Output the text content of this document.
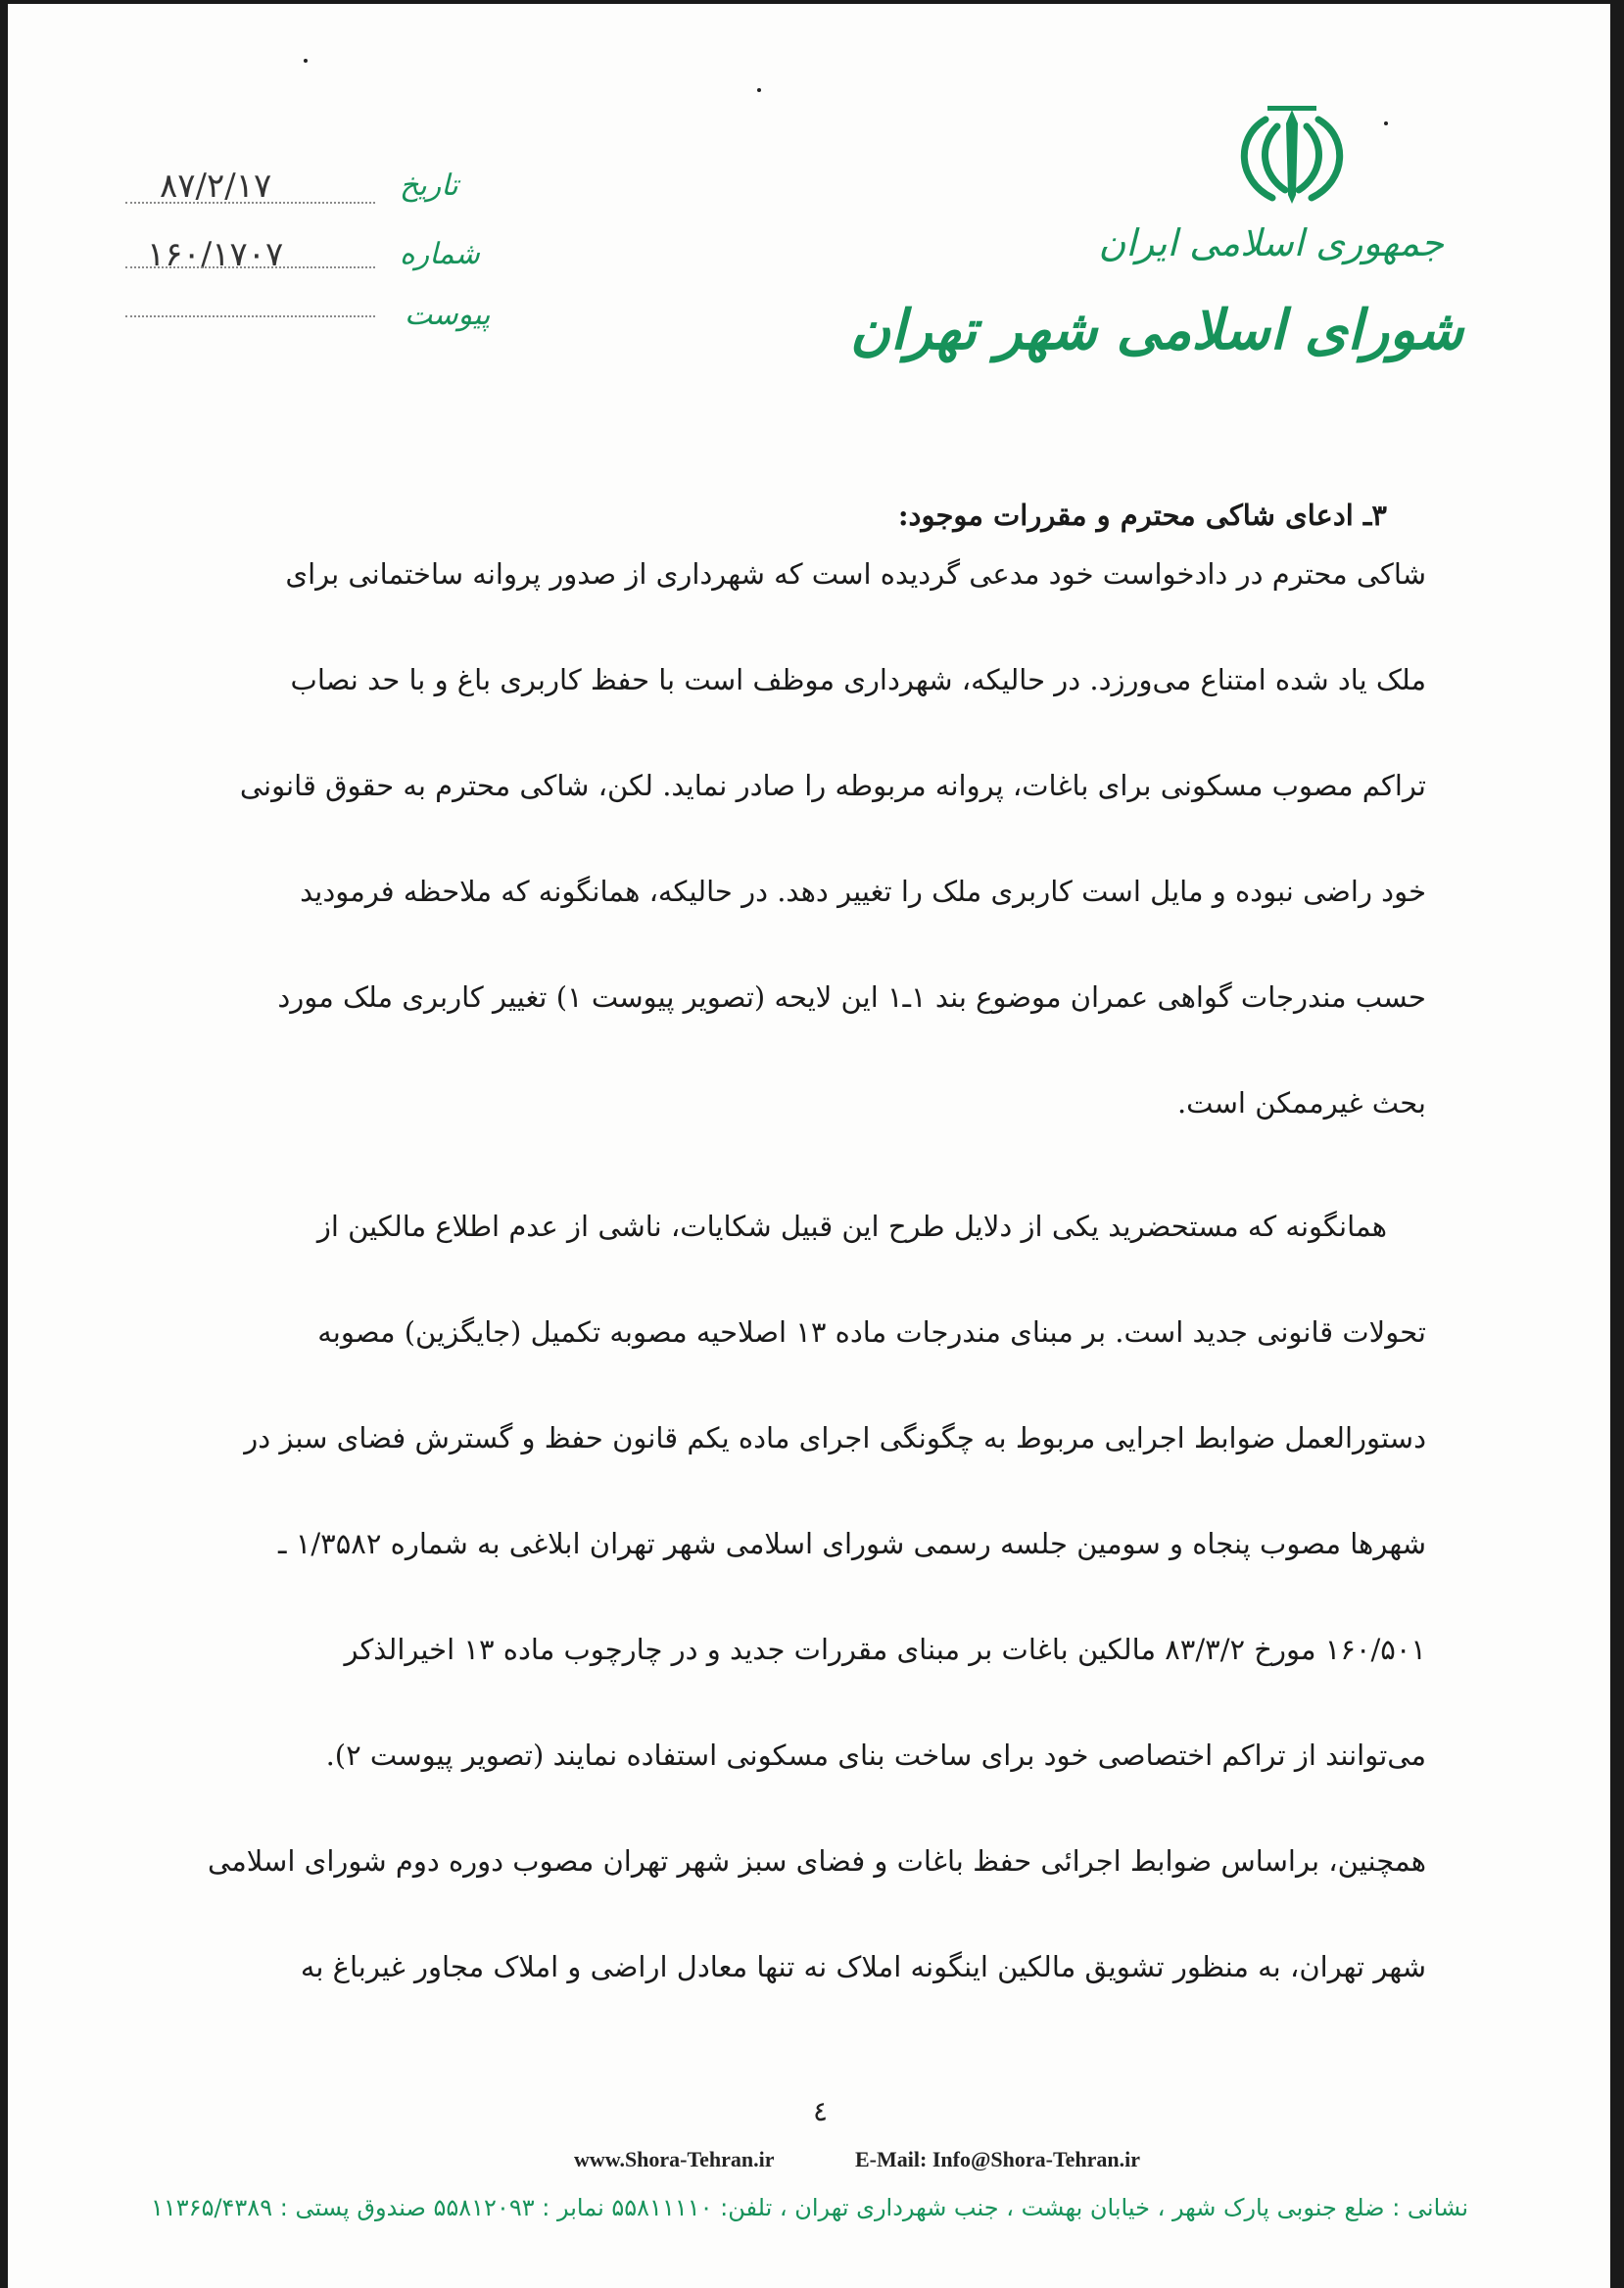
جمهوری اسلامی ایران
شورای اسلامی شهر تهران
تاریخ
۸۷/۲/۱۷
شماره
۱۶۰/۱۷۰۷
پیوست
۳ـ ادعای شاکی محترم و مقررات موجود:
شاکی محترم در دادخواست خود مدعی گردیده است که شهرداری از صدور پروانه ساختمانی برای
ملک یاد شده امتناع می‌ورزد. در حالیکه، شهرداری موظف است با حفظ کاربری باغ و با حد نصاب
تراکم مصوب مسکونی برای باغات، پروانه مربوطه را صادر نماید. لکن، شاکی محترم به حقوق قانونی
خود راضی نبوده و مایل است کاربری ملک را تغییر دهد. در حالیکه، همانگونه که ملاحظه فرمودید
حسب مندرجات گواهی عمران موضوع بند ۱ـ۱ این لایحه (تصویر پیوست ۱) تغییر کاربری ملک مورد
بحث غیرممکن است.
همانگونه که مستحضرید یکی از دلایل طرح این قبیل شکایات، ناشی از عدم اطلاع مالکین از
تحولات قانونی جدید است. بر مبنای مندرجات ماده ۱۳ اصلاحیه مصوبه تکمیل (جایگزین) مصوبه
دستورالعمل ضوابط اجرایی مربوط به چگونگی اجرای ماده یکم قانون حفظ و گسترش فضای سبز در
شهرها مصوب پنجاه و سومین جلسه رسمی شورای اسلامی شهر تهران ابلاغی به شماره ۱/۳۵۸۲ ـ
۱۶۰/۵۰۱ مورخ ۸۳/۳/۲ مالکین باغات بر مبنای مقررات جدید و در چارچوب ماده ۱۳ اخیرالذکر
می‌توانند از تراکم اختصاصی خود برای ساخت بنای مسکونی استفاده نمایند (تصویر پیوست ۲).
همچنین، براساس ضوابط اجرائی حفظ باغات و فضای سبز شهر تهران مصوب دوره دوم شورای اسلامی
شهر تهران، به منظور تشویق مالکین اینگونه املاک نه تنها معادل اراضی و املاک مجاور غیرباغ به
٤
www.Shora-Tehran.ir	E-Mail: Info@Shora-Tehran.ir
نشانی : ضلع جنوبی پارک شهر ، خیابان بهشت ، جنب شهرداری تهران ، تلفن: ۵۵۸۱۱۱۱۰ نمابر : ۵۵۸۱۲۰۹۳ صندوق پستی : ۱۱۳۶۵/۴۳۸۹
